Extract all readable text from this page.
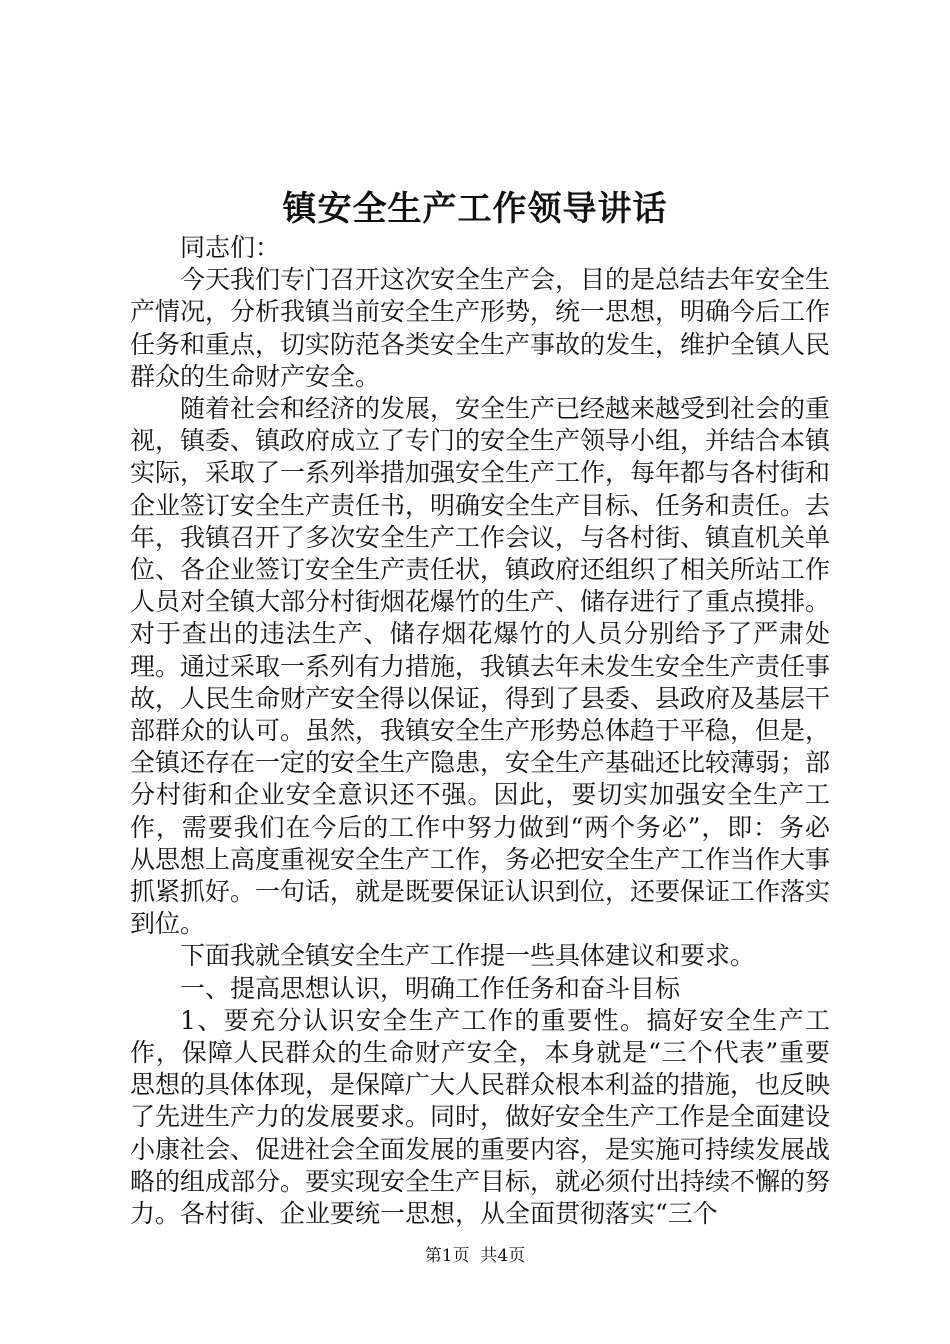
镇安全生产工作领导讲话

同志们：

今天我们专门召开这次安全生产会，目的是总结去年安全生产情况，分析我镇当前安全生产形势，统一思想，明确今后工作任务和重点，切实防范各类安全生产事故的发生，维护全镇人民群众的生命财产安全。

随着社会和经济的发展，安全生产已经越来越受到社会的重视，镇委、镇政府成立了专门的安全生产领导小组，并结合本镇实际，采取了一系列举措加强安全生产工作，每年都与各村街和企业签订安全生产责任书，明确安全生产目标、任务和责任。去年，我镇召开了多次安全生产工作会议，与各村街、镇直机关单位、各企业签订安全生产责任状，镇政府还组织了相关所站工作人员对全镇大部分村街烟花爆竹的生产、储存进行了重点摸排。对于查出的违法生产、储存烟花爆竹的人员分别给予了严肃处理。通过采取一系列有力措施，我镇去年未发生安全生产责任事故，人民生命财产安全得以保证，得到了县委、县政府及基层干部群众的认可。虽然，我镇安全生产形势总体趋于平稳，但是，全镇还存在一定的安全生产隐患，安全生产基础还比较薄弱；部分村街和企业安全意识还不强。因此，要切实加强安全生产工作，需要我们在今后的工作中努力做到“两个务必”，即：务必从思想上高度重视安全生产工作，务必把安全生产工作当作大事抓紧抓好。一句话，就是既要保证认识到位，还要保证工作落实到位。

下面我就全镇安全生产工作提一些具体建议和要求。

一、提高思想认识，明确工作任务和奋斗目标

1、要充分认识安全生产工作的重要性。搞好安全生产工作，保障人民群众的生命财产安全，本身就是“三个代表”重要思想的具体体现，是保障广大人民群众根本利益的措施，也反映了先进生产力的发展要求。同时，做好安全生产工作是全面建设小康社会、促进社会全面发展的重要内容，是实施可持续发展战略的组成部分。要实现安全生产目标，就必须付出持续不懈的努力。各村街、企业要统一思想，从全面贯彻落实“三个

第1页 共4页
